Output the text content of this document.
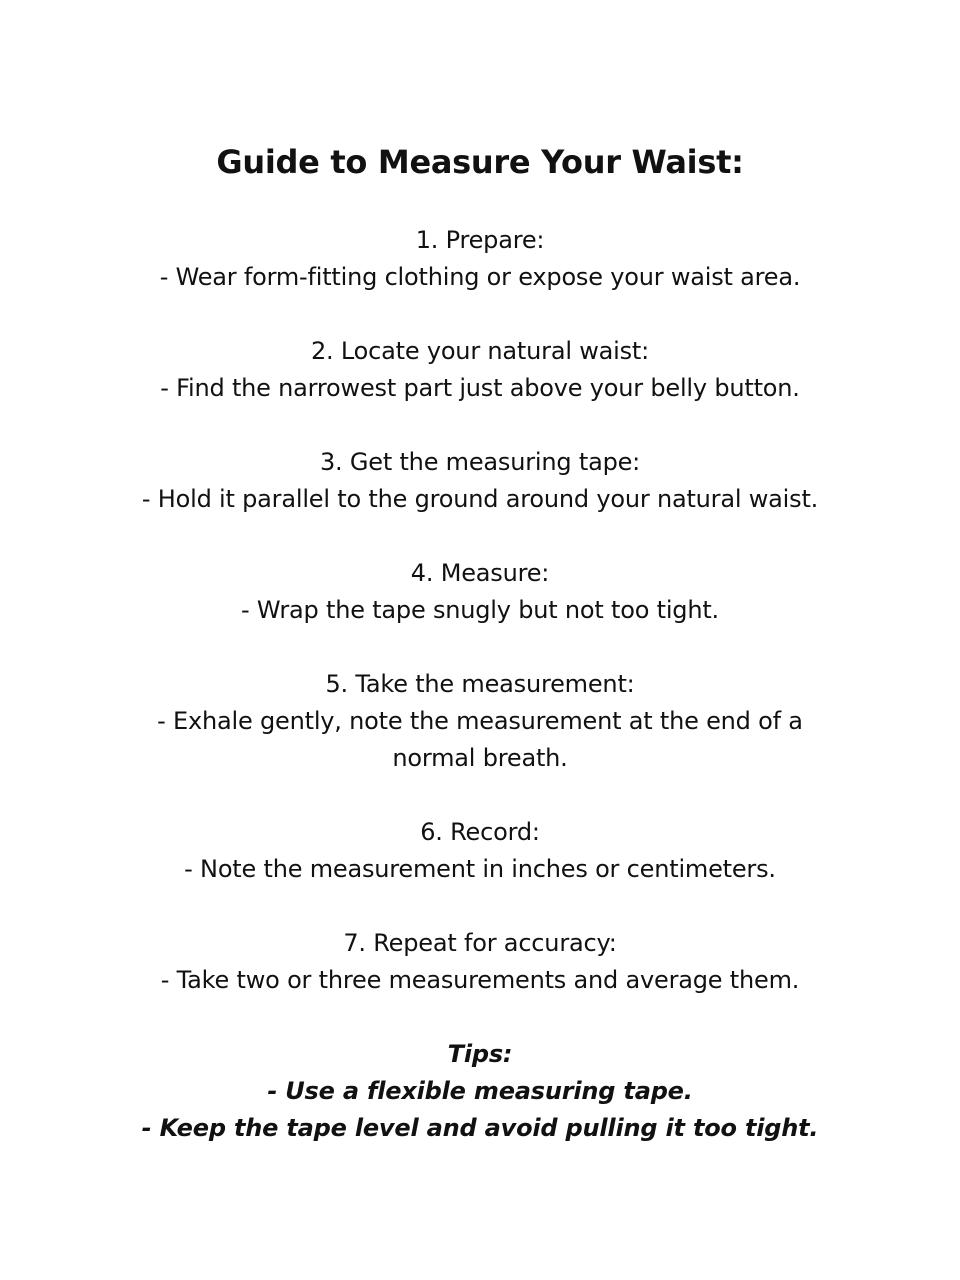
Guide to Measure Your Waist:

1. Prepare:

- Wear form-fitting clothing or expose your waist area.

2. Locate your natural waist:

- Find the narrowest part just above your belly button.

3. Get the measuring tape:

- Hold it parallel to the ground around your natural waist.

4. Measure:

- Wrap the tape snugly but not too tight.

5. Take the measurement:

- Exhale gently, note the measurement at the end of a normal breath.

6. Record:

- Note the measurement in inches or centimeters.

7. Repeat for accuracy:

- Take two or three measurements and average them.

Tips:

- Use a flexible measuring tape.

- Keep the tape level and avoid pulling it too tight.
